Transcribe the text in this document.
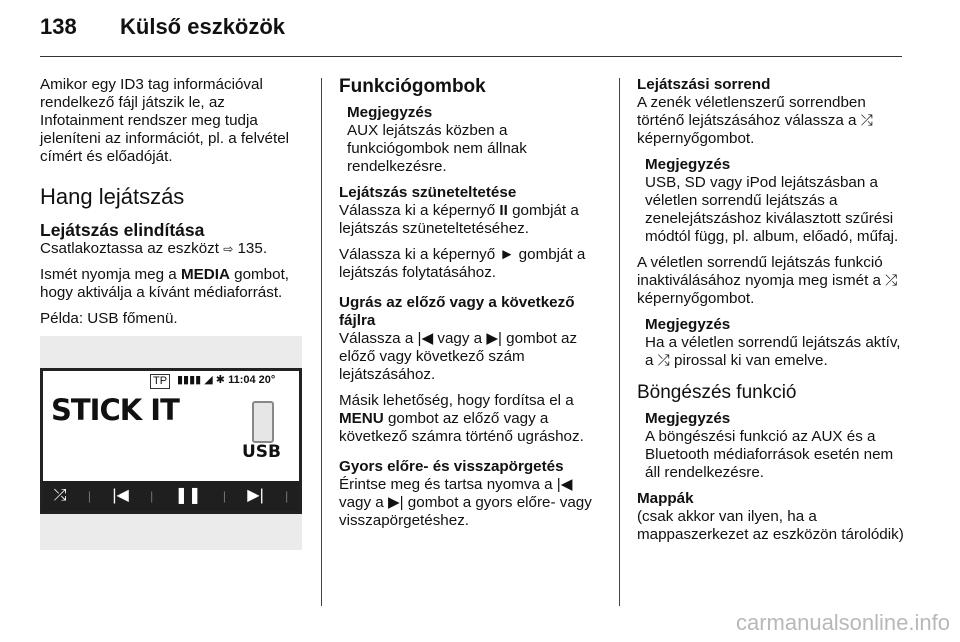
138 Külső eszközök

Amikor egy ID3 tag információval rendelkező fájl játszik le, az Infotainment rendszer meg tudja jeleníteni az információt, pl. a felvétel címért és előadóját.

Hang lejátszás
Lejátszás elindítása

Csatlakoztassa az eszközt ⇨ 135.

Ismét nyomja meg a MEDIA gombot, hogy aktiválja a kívánt médiaforrást.

Példa: USB főmenü.

TP ▮▮▮▮ ◢ ✱ 11:04 20°
STICK IT
USB
⤮ | |◀ | ❚❚ | ▶| |
Funkciógombok
Megjegyzés
AUX lejátszás közben a funkciógombok nem állnak rendelkezésre.
Lejátszás szüneteltetése

Válassza ki a képernyő II gombját a lejátszás szüneteltetéséhez.

Válassza ki a képernyő ► gombját a lejátszás folytatásához.

Ugrás az előző vagy a következő fájlra

Válassza a |◀ vagy a ▶| gombot az előző vagy következő szám lejátszásához.

Másik lehetőség, hogy fordítsa el a MENU gombot az előző vagy a következő számra történő ugráshoz.

Gyors előre- és visszapörgetés

Érintse meg és tartsa nyomva a |◀ vagy a ▶| gombot a gyors előre- vagy visszapörgetéshez.

Lejátszási sorrend

A zenék véletlenszerű sorrendben történő lejátszásához válassza a ⤮ képernyőgombot.

Megjegyzés
USB, SD vagy iPod lejátszásban a véletlen sorrendű lejátszás a zenelejátszáshoz kiválasztott szűrési módtól függ, pl. album, előadó, műfaj.

A véletlen sorrendű lejátszás funkció inaktiválásához nyomja meg ismét a ⤮ képernyőgombot.

Megjegyzés
Ha a véletlen sorrendű lejátszás aktív, a ⤮ pirossal ki van emelve.
Böngészés funkció
Megjegyzés
A böngészési funkció az AUX és a Bluetooth médiaforrások esetén nem áll rendelkezésre.
Mappák

(csak akkor van ilyen, ha a mappaszerkezet az eszközön tárolódik)

carmanualsonline.info
